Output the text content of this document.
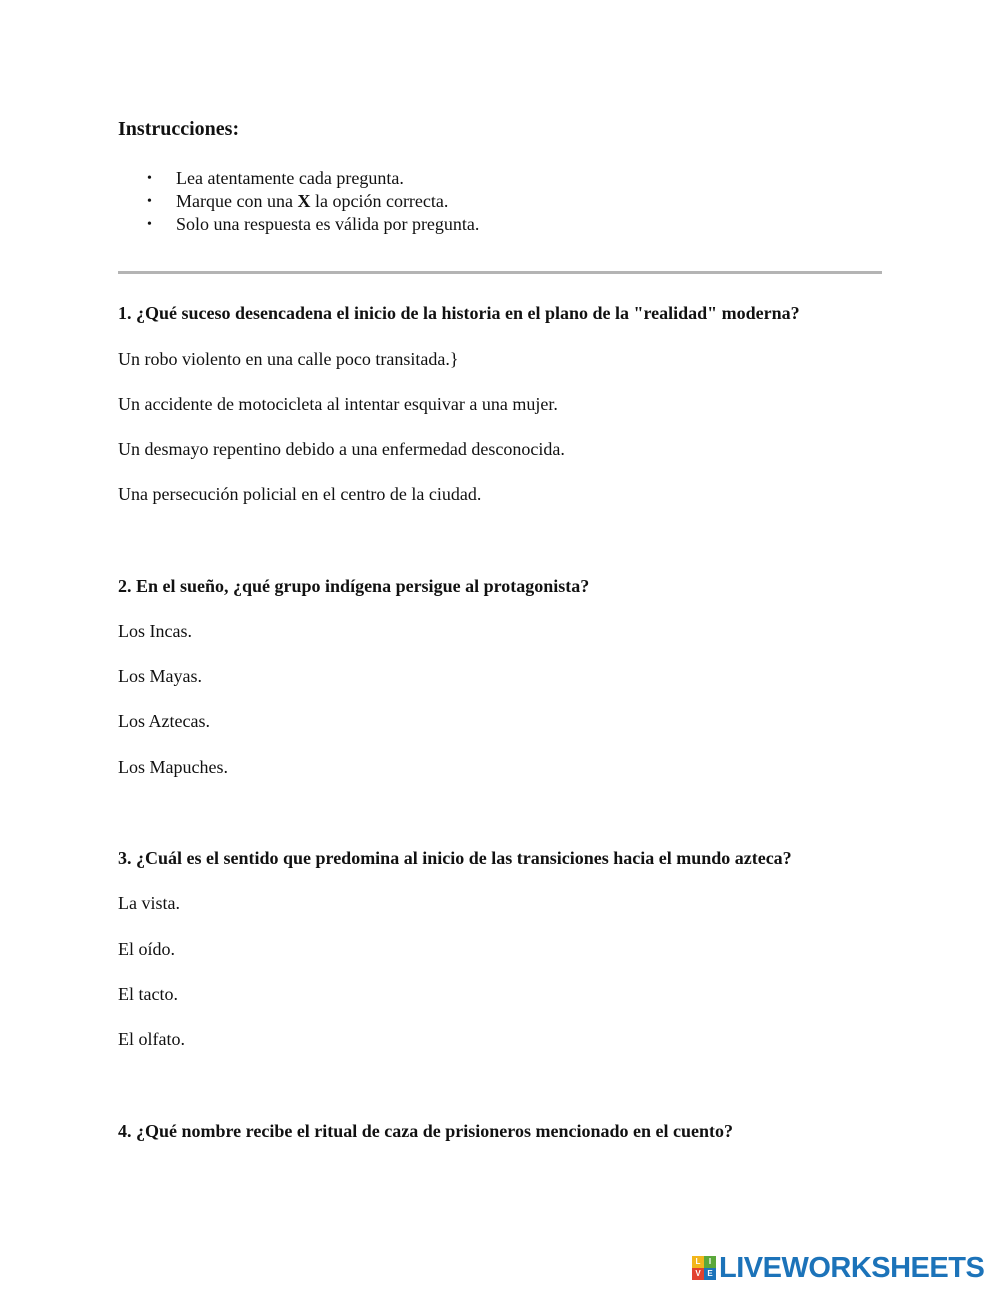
Instrucciones:
• Lea atentamente cada pregunta.
• Marque con una X la opción correcta.
• Solo una respuesta es válida por pregunta.

1. ¿Qué suceso desencadena el inicio de la historia en el plano de la "realidad" moderna?

Un robo violento en una calle poco transitada.}

Un accidente de motocicleta al intentar esquivar a una mujer.

Un desmayo repentino debido a una enfermedad desconocida.

Una persecución policial en el centro de la ciudad.

2. En el sueño, ¿qué grupo indígena persigue al protagonista?

Los Incas.

Los Mayas.

Los Aztecas.

Los Mapuches.

3. ¿Cuál es el sentido que predomina al inicio de las transiciones hacia el mundo azteca?

La vista.

El oído.

El tacto.

El olfato.

4. ¿Qué nombre recibe el ritual de caza de prisioneros mencionado en el cuento?

L	I
V E LIVEWORKSHEETS
